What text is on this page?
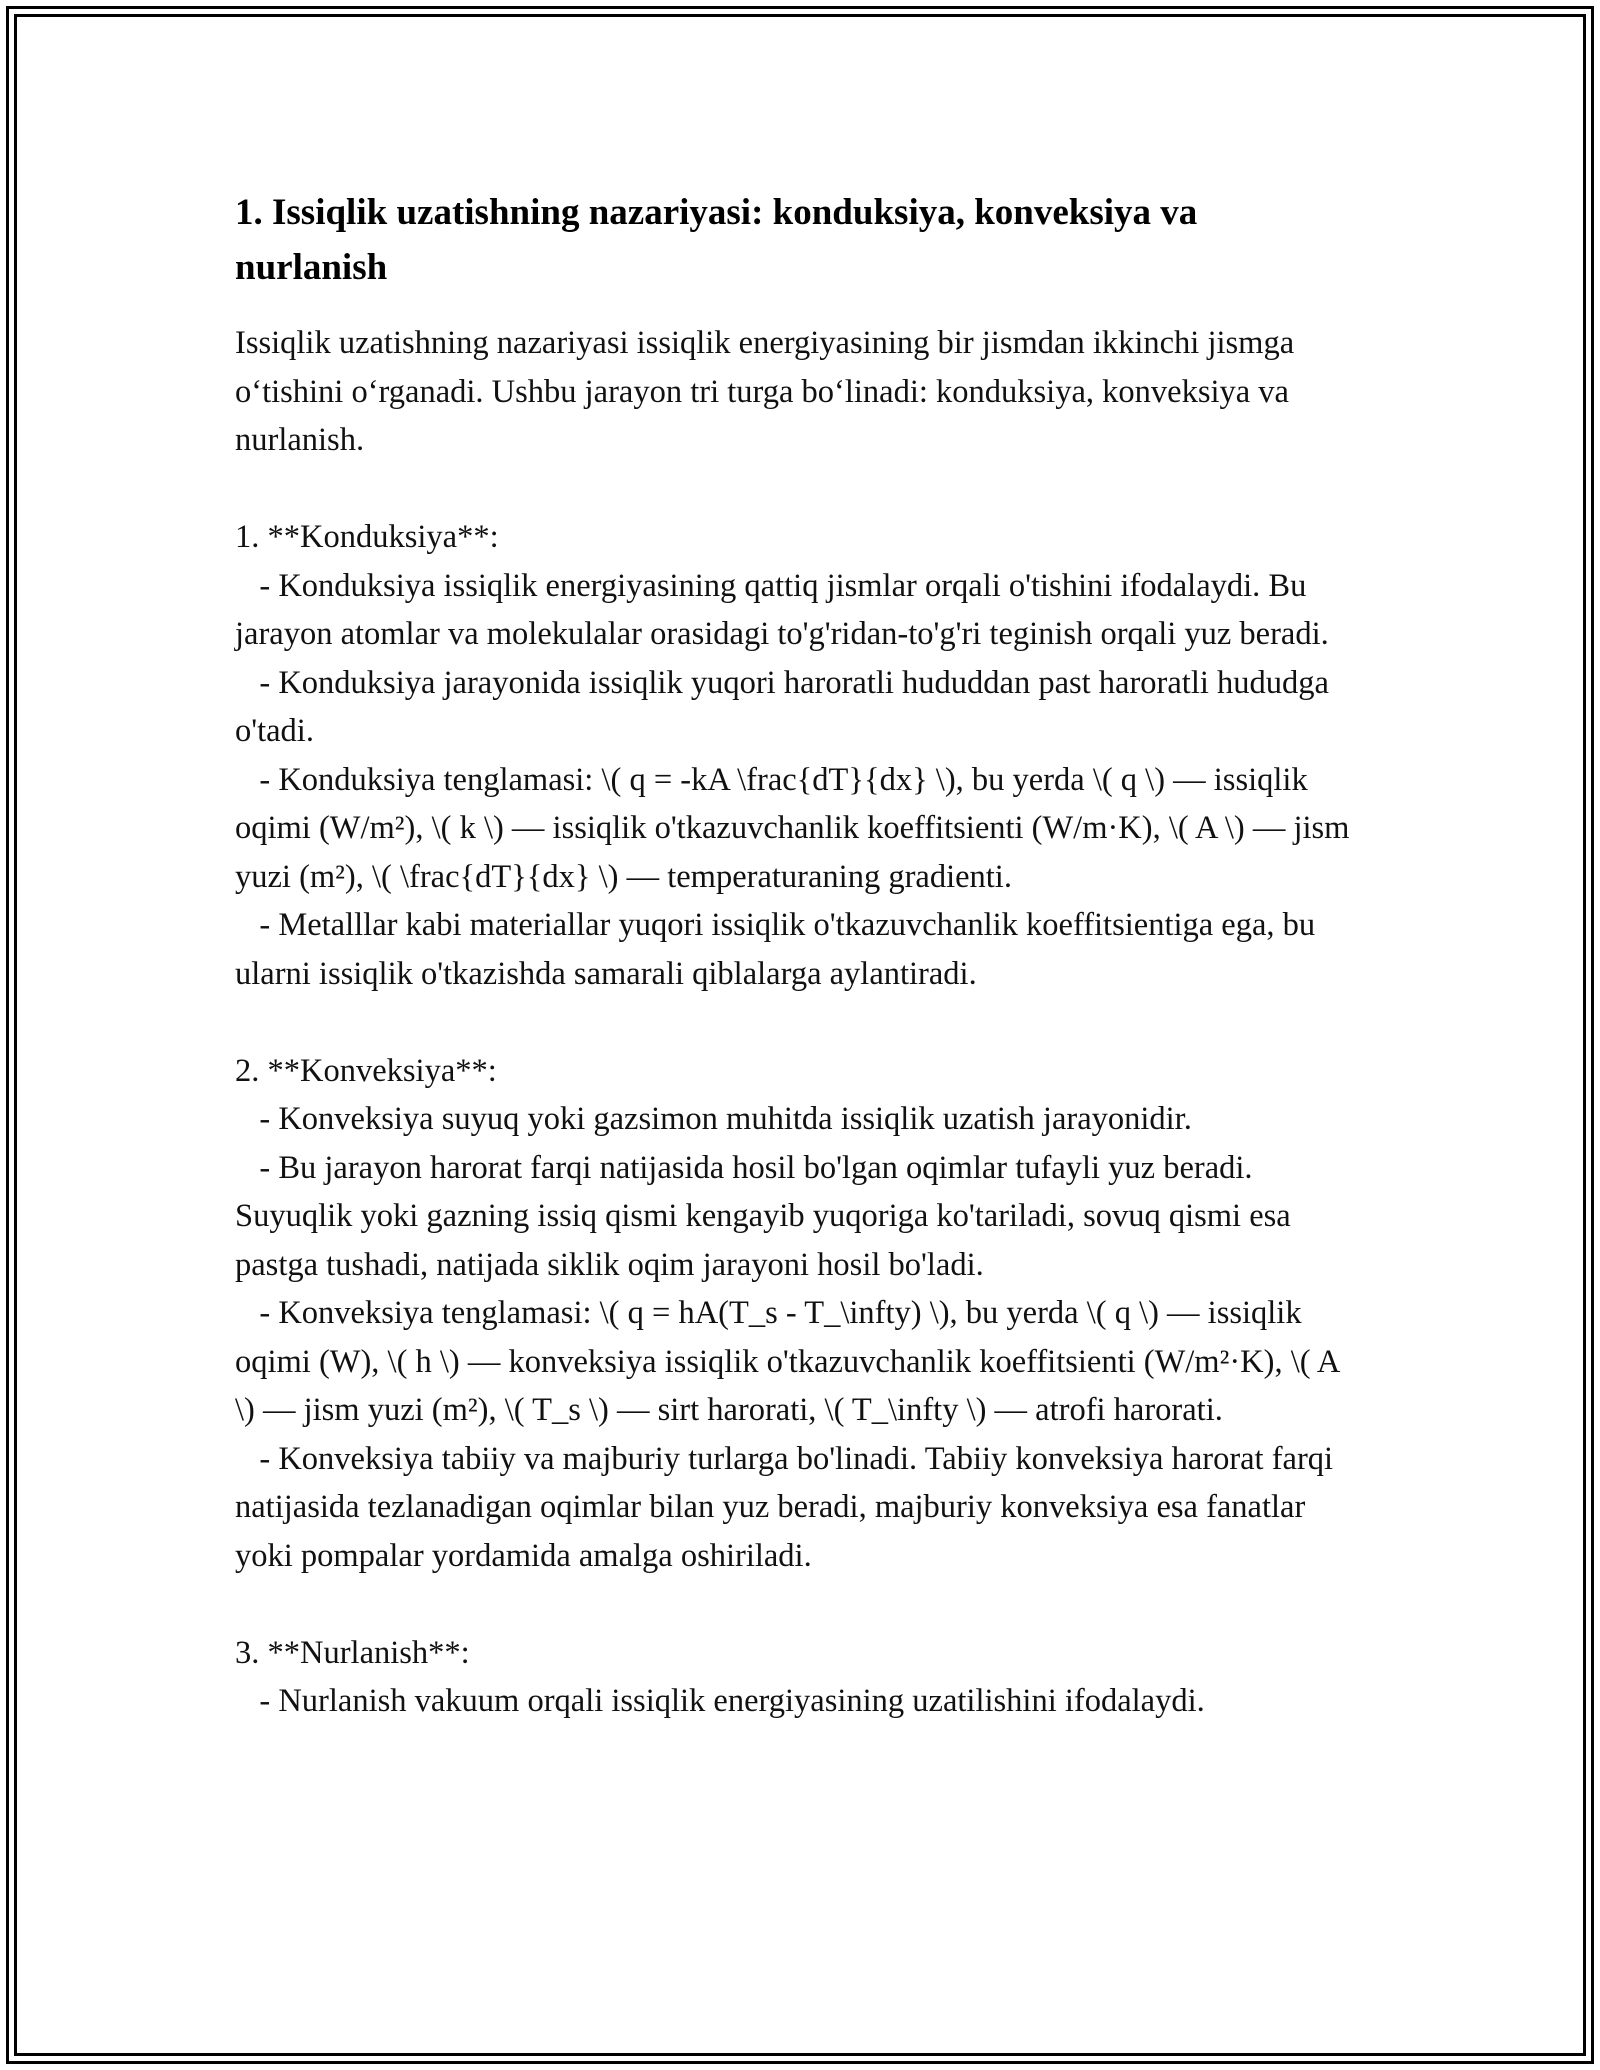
1. Issiqlik uzatishning nazariyasi: konduksiya, konveksiya va nurlanish

Issiqlik uzatishning nazariyasi issiqlik energiyasining bir jismdan ikkinchi jismga o‘tishini o‘rganadi. Ushbu jarayon tri turga bo‘linadi: konduksiya, konveksiya va nurlanish.

1. **Konduksiya**:

- Konduksiya issiqlik energiyasining qattiq jismlar orqali o'tishini ifodalaydi. Bu jarayon atomlar va molekulalar orasidagi to'g'ridan-to'g'ri teginish orqali yuz beradi.

- Konduksiya jarayonida issiqlik yuqori haroratli hududdan past haroratli hududga o'tadi.

- Konduksiya tenglamasi: \( q = -kA \frac{dT}{dx} \), bu yerda \( q \) — issiqlik oqimi (W/m²), \( k \) — issiqlik o'tkazuvchanlik koeffitsienti (W/m·K), \( A \) — jism yuzi (m²), \( \frac{dT}{dx} \) — temperaturaning gradienti.

- Metalllar kabi materiallar yuqori issiqlik o'tkazuvchanlik koeffitsientiga ega, bu ularni issiqlik o'tkazishda samarali qiblalarga aylantiradi.

2. **Konveksiya**:

- Konveksiya suyuq yoki gazsimon muhitda issiqlik uzatish jarayonidir.

- Bu jarayon harorat farqi natijasida hosil bo'lgan oqimlar tufayli yuz beradi. Suyuqlik yoki gazning issiq qismi kengayib yuqoriga ko'tariladi, sovuq qismi esa pastga tushadi, natijada siklik oqim jarayoni hosil bo'ladi.

- Konveksiya tenglamasi: \( q = hA(T_s - T_\infty) \), bu yerda \( q \) — issiqlik oqimi (W), \( h \) — konveksiya issiqlik o'tkazuvchanlik koeffitsienti (W/m²·K), \( A \) — jism yuzi (m²), \( T_s \) — sirt harorati, \( T_\infty \) — atrofi harorati.

- Konveksiya tabiiy va majburiy turlarga bo'linadi. Tabiiy konveksiya harorat farqi natijasida tezlanadigan oqimlar bilan yuz beradi, majburiy konveksiya esa fanatlar yoki pompalar yordamida amalga oshiriladi.

3. **Nurlanish**:

- Nurlanish vakuum orqali issiqlik energiyasining uzatilishini ifodalaydi.
